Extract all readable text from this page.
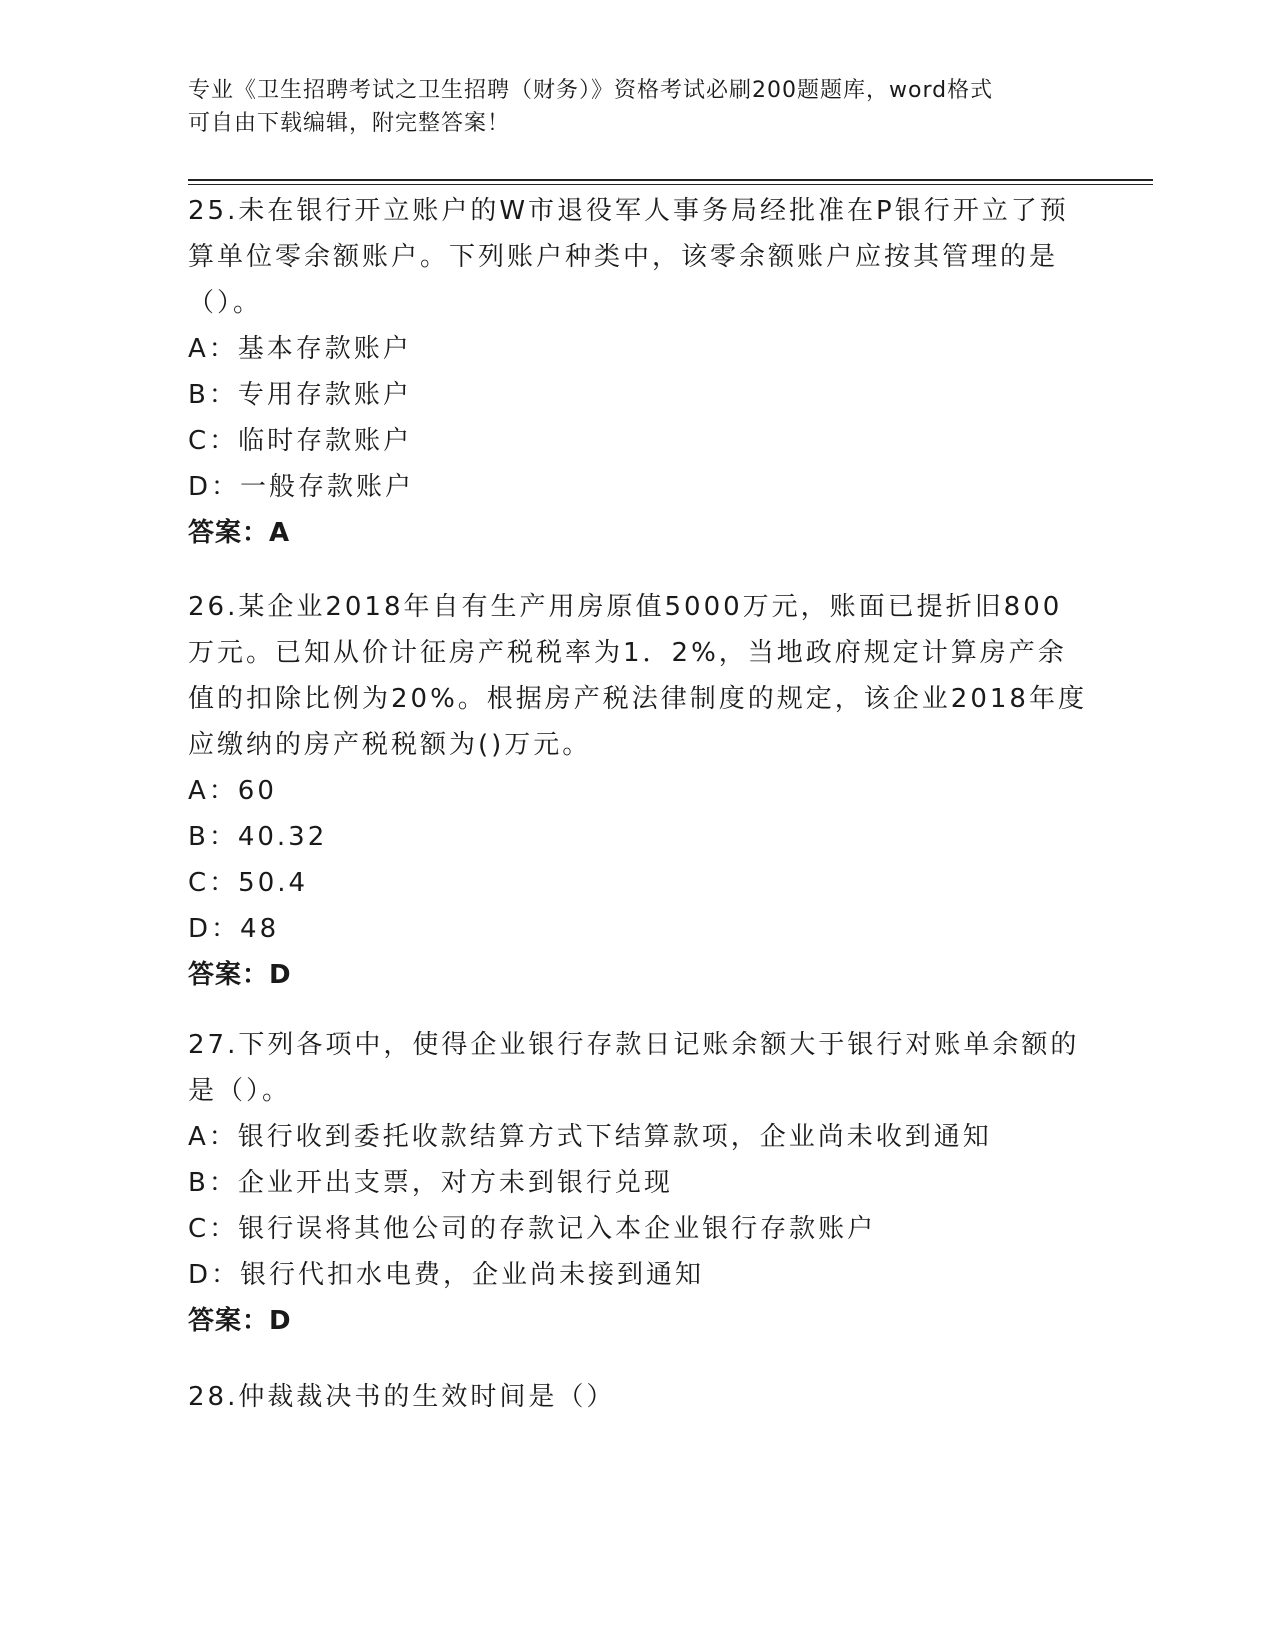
专业《卫生招聘考试之卫生招聘（财务）》资格考试必刷200题题库，word格式
可自由下载编辑，附完整答案！

25.未在银行开立账户的W市退役军人事务局经批准在P银行开立了预算单位零余额账户。下列账户种类中，该零余额账户应按其管理的是（）。

A：基本存款账户

B：专用存款账户

C：临时存款账户

D：一般存款账户

答案：A

26.某企业2018年自有生产用房原值5000万元，账面已提折旧800万元。已知从价计征房产税税率为1．2%，当地政府规定计算房产余值的扣除比例为20%。根据房产税法律制度的规定，该企业2018年度应缴纳的房产税税额为()万元。

A：60

B：40.32

C：50.4

D：48

答案：D

27.下列各项中，使得企业银行存款日记账余额大于银行对账单余额的是（）。

A：银行收到委托收款结算方式下结算款项，企业尚未收到通知

B：企业开出支票，对方未到银行兑现

C：银行误将其他公司的存款记入本企业银行存款账户

D：银行代扣水电费，企业尚未接到通知

答案：D

28.仲裁裁决书的生效时间是（）
